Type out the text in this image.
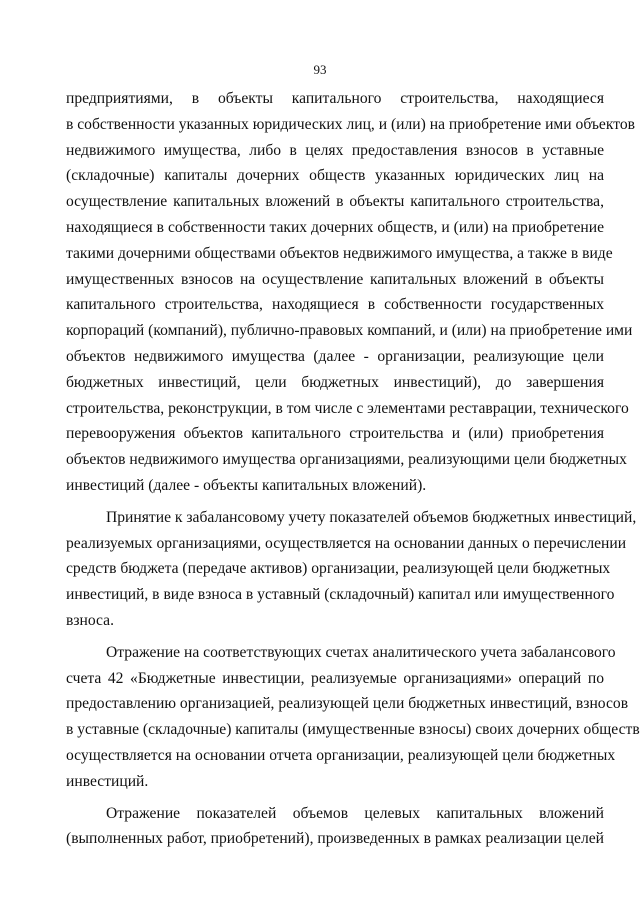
93

предприятиями, в объекты капитального строительства, находящиеся
в собственности указанных юридических лиц, и (или) на приобретение ими объектов
недвижимого имущества, либо в целях предоставления взносов в уставные
(складочные) капиталы дочерних обществ указанных юридических лиц на
осуществление капитальных вложений в объекты капитального строительства,
находящиеся в собственности таких дочерних обществ, и (или) на приобретение
такими дочерними обществами объектов недвижимого имущества, а также в виде
имущественных взносов на осуществление капитальных вложений в объекты
капитального строительства, находящиеся в собственности государственных
корпораций (компаний), публично-правовых компаний, и (или) на приобретение ими
объектов недвижимого имущества (далее - организации, реализующие цели
бюджетных инвестиций, цели бюджетных инвестиций), до завершения
строительства, реконструкции, в том числе с элементами реставрации, технического
перевооружения объектов капитального строительства и (или) приобретения
объектов недвижимого имущества организациями, реализующими цели бюджетных
инвестиций (далее - объекты капитальных вложений).

Принятие к забалансовому учету показателей объемов бюджетных инвестиций,
реализуемых организациями, осуществляется на основании данных о перечислении
средств бюджета (передаче активов) организации, реализующей цели бюджетных
инвестиций, в виде взноса в уставный (складочный) капитал или имущественного
взноса.

Отражение на соответствующих счетах аналитического учета забалансового
счета 42 «Бюджетные инвестиции, реализуемые организациями» операций по
предоставлению организацией, реализующей цели бюджетных инвестиций, взносов
в уставные (складочные) капиталы (имущественные взносы) своих дочерних обществ
осуществляется на основании отчета организации, реализующей цели бюджетных
инвестиций.

Отражение показателей объемов целевых капитальных вложений
(выполненных работ, приобретений), произведенных в рамках реализации целей
